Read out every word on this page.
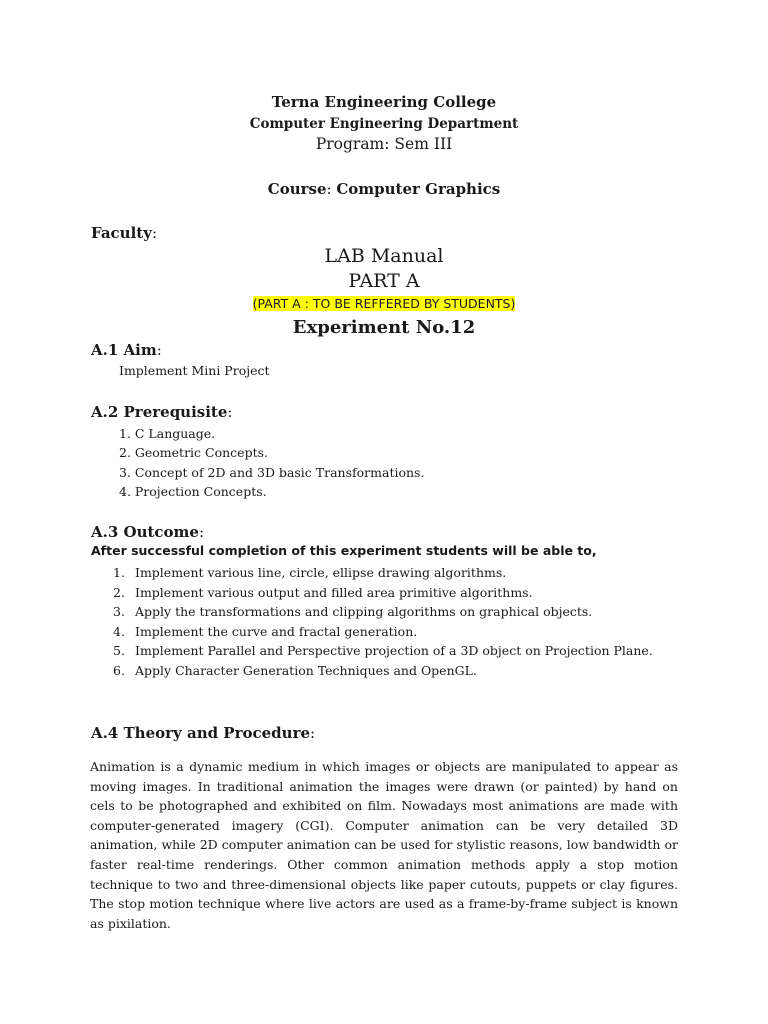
Terna Engineering College
Computer Engineering Department
Program: Sem III
Course: Computer Graphics
Faculty:
LAB Manual
PART A
(PART A : TO BE REFFERED BY STUDENTS)
Experiment No.12
A.1 Aim:
Implement Mini Project
A.2 Prerequisite:
1. C Language.
2. Geometric Concepts.
3. Concept of 2D and 3D basic Transformations.
4. Projection Concepts.
A.3 Outcome:
After successful completion of this experiment students will be able to,
1. Implement various line, circle, ellipse drawing algorithms.
2. Implement various output and filled area primitive algorithms.
3. Apply the transformations and clipping algorithms on graphical objects.
4. Implement the curve and fractal generation.
5. Implement Parallel and Perspective projection of a 3D object on Projection Plane.
6. Apply Character Generation Techniques and OpenGL.
A.4 Theory and Procedure:
Animation is a dynamic medium in which images or objects are manipulated to appear as moving images. In traditional animation the images were drawn (or painted) by hand on cels to be photographed and exhibited on film. Nowadays most animations are made with computer-generated imagery (CGI). Computer animation can be very detailed 3D animation, while 2D computer animation can be used for stylistic reasons, low bandwidth or faster real-time renderings. Other common animation methods apply a stop motion technique to two and three-dimensional objects like paper cutouts, puppets or clay figures. The stop motion technique where live actors are used as a frame-by-frame subject is known as pixilation.
